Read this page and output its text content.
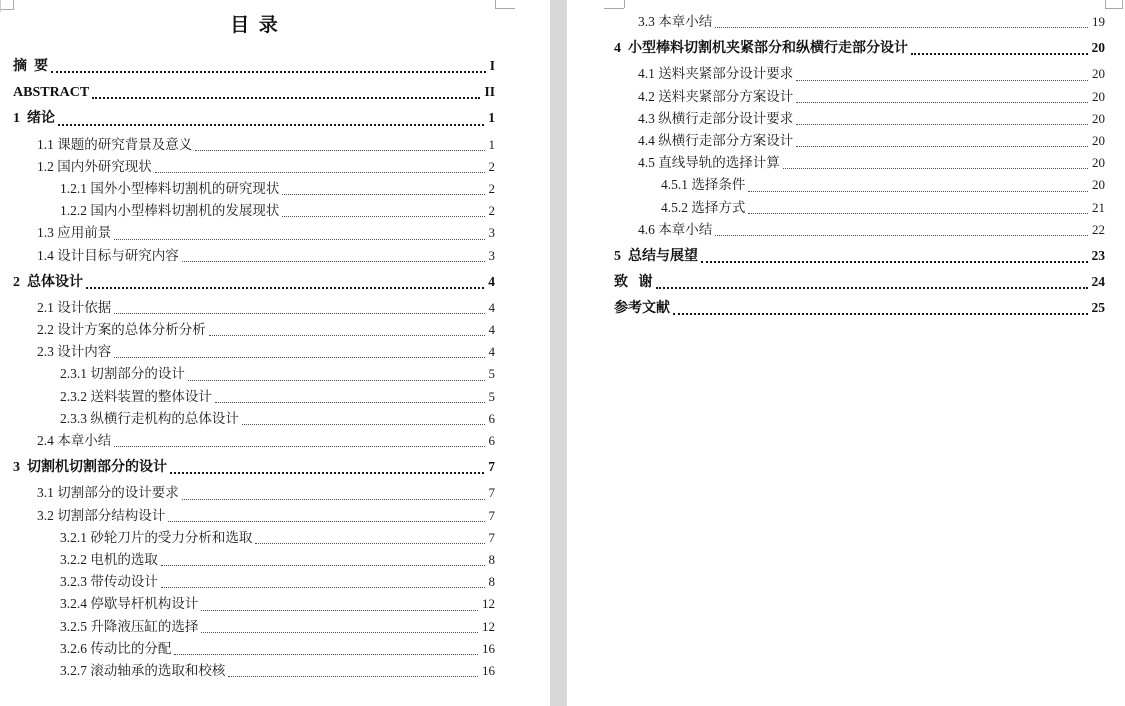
目  录
摘  要	I
ABSTRACT	II
1  绪论	1
1.1 课题的研究背景及意义	1
1.2 国内外研究现状	2
1.2.1 国外小型棒料切割机的研究现状	2
1.2.2 国内小型棒料切割机的发展现状	2
1.3 应用前景	3
1.4 设计目标与研究内容	3
2  总体设计	4
2.1 设计依据	4
2.2 设计方案的总体分析分析	4
2.3 设计内容	4
2.3.1 切割部分的设计	5
2.3.2 送料装置的整体设计	5
2.3.3 纵横行走机构的总体设计	6
2.4 本章小结	6
3  切割机切割部分的设计	7
3.1 切割部分的设计要求	7
3.2 切割部分结构设计	7
3.2.1 砂轮刀片的受力分析和选取	7
3.2.2 电机的选取	8
3.2.3 带传动设计	8
3.2.4 停歇导杆机构设计	12
3.2.5 升降液压缸的选择	12
3.2.6 传动比的分配	16
3.2.7 滚动轴承的选取和校核	16
3.3 本章小结	19
4  小型棒料切割机夹紧部分和纵横行走部分设计	20
4.1 送料夹紧部分设计要求	20
4.2 送料夹紧部分方案设计	20
4.3 纵横行走部分设计要求	20
4.4 纵横行走部分方案设计	20
4.5 直线导轨的选择计算	20
4.5.1 选择条件	20
4.5.2 选择方式	21
4.6 本章小结	22
5  总结与展望	23
致   谢	24
参考文献	25
